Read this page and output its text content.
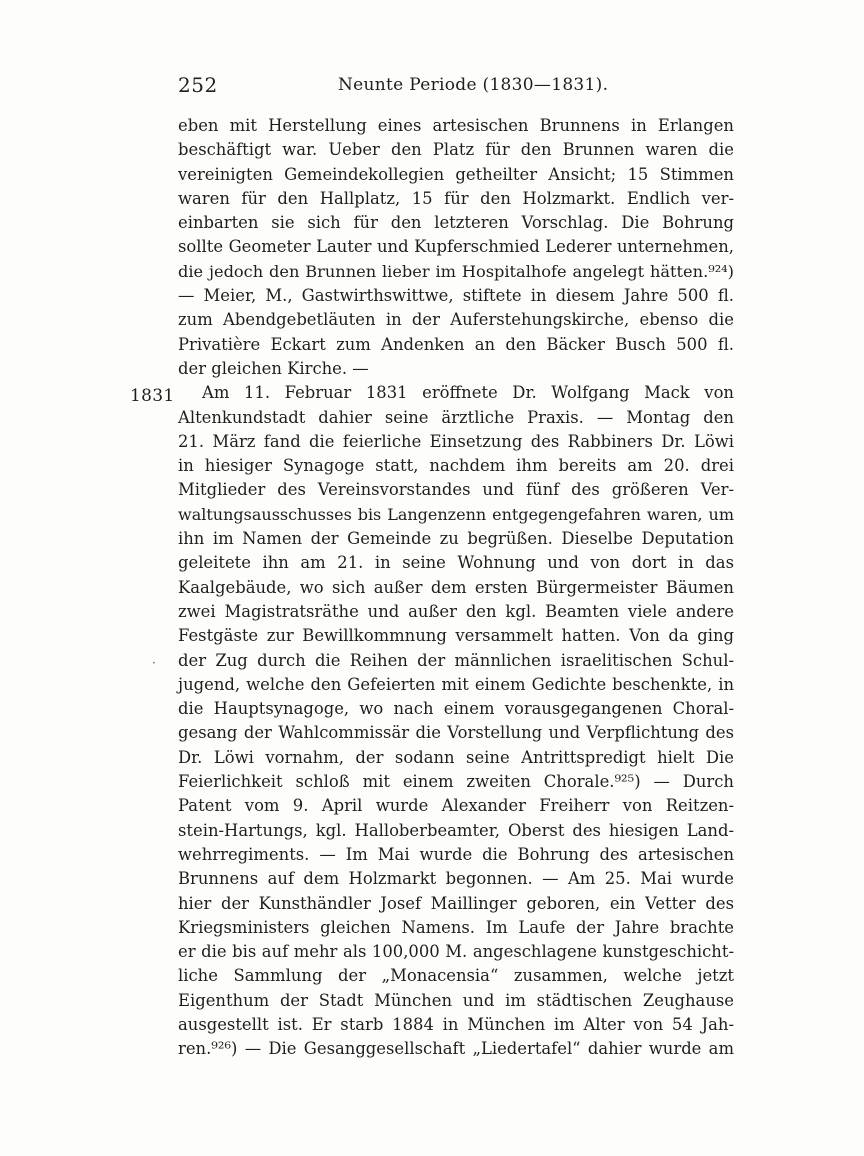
252	Neunte Periode (1830—1831).
1831
·
eben mit Herstellung eines artesischen Brunnens in Erlangen
beschäftigt war. Ueber den Platz für den Brunnen waren die
vereinigten Gemeindekollegien getheilter Ansicht; 15 Stimmen
waren für den Hallplatz, 15 für den Holzmarkt. Endlich ver-
einbarten sie sich für den letzteren Vorschlag. Die Bohrung
sollte Geometer Lauter und Kupferschmied Lederer unternehmen,
die jedoch den Brunnen lieber im Hospitalhofe angelegt hätten.⁹²⁴)
— Meier, M., Gastwirthswittwe, stiftete in diesem Jahre 500 fl.
zum Abendgebetläuten in der Auferstehungskirche, ebenso die
Privatière Eckart zum Andenken an den Bäcker Busch 500 fl.
der gleichen Kirche. —
Am 11. Februar 1831 eröffnete Dr. Wolfgang Mack von
Altenkundstadt dahier seine ärztliche Praxis. — Montag den
21. März fand die feierliche Einsetzung des Rabbiners Dr. Löwi
in hiesiger Synagoge statt, nachdem ihm bereits am 20. drei
Mitglieder des Vereinsvorstandes und fünf des größeren Ver-
waltungsausschusses bis Langenzenn entgegengefahren waren, um
ihn im Namen der Gemeinde zu begrüßen. Dieselbe Deputation
geleitete ihn am 21. in seine Wohnung und von dort in das
Kaalgebäude, wo sich außer dem ersten Bürgermeister Bäumen
zwei Magistratsräthe und außer den kgl. Beamten viele andere
Festgäste zur Bewillkommnung versammelt hatten. Von da ging
der Zug durch die Reihen der männlichen israelitischen Schul-
jugend, welche den Gefeierten mit einem Gedichte beschenkte, in
die Hauptsynagoge, wo nach einem vorausgegangenen Choral-
gesang der Wahlcommissär die Vorstellung und Verpflichtung des
Dr. Löwi vornahm, der sodann seine Antrittspredigt hielt Die
Feierlichkeit schloß mit einem zweiten Chorale.⁹²⁵) — Durch
Patent vom 9. April wurde Alexander Freiherr von Reitzen-
stein-Hartungs, kgl. Halloberbeamter, Oberst des hiesigen Land-
wehrregiments. — Im Mai wurde die Bohrung des artesischen
Brunnens auf dem Holzmarkt begonnen. — Am 25. Mai wurde
hier der Kunsthändler Josef Maillinger geboren, ein Vetter des
Kriegsministers gleichen Namens. Im Laufe der Jahre brachte
er die bis auf mehr als 100,000 M. angeschlagene kunstgeschicht-
liche Sammlung der „Monacensia“ zusammen, welche jetzt
Eigenthum der Stadt München und im städtischen Zeughause
ausgestellt ist. Er starb 1884 in München im Alter von 54 Jah-
ren.⁹²⁶) — Die Gesanggesellschaft „Liedertafel“ dahier wurde am
